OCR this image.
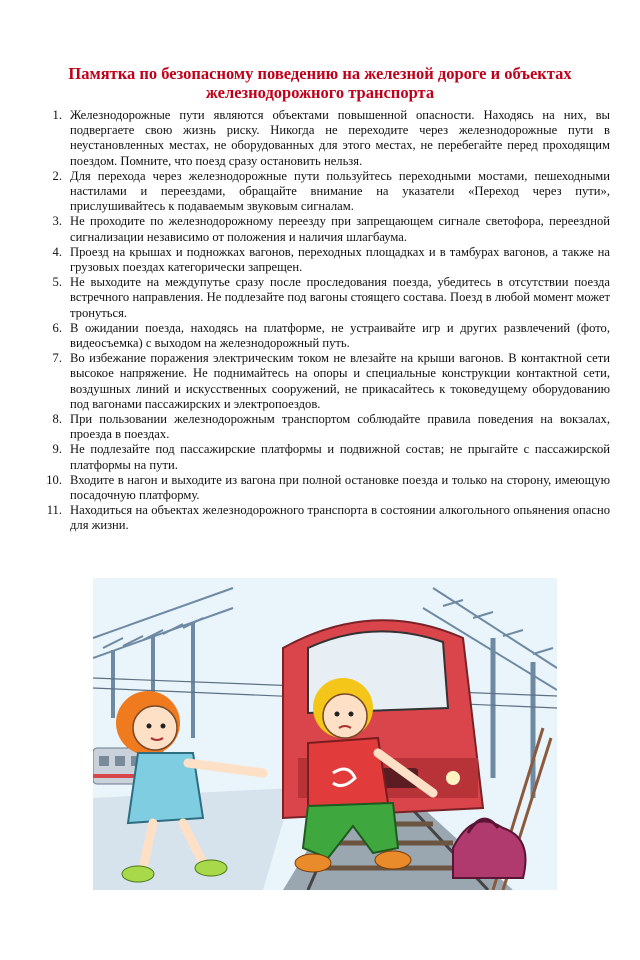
Памятка по безопасному поведению на железной дороге и объектах железнодорожного транспорта
1. Железнодорожные пути являются объектами повышенной опасности. Находясь на них, вы подвергаете свою жизнь риску. Никогда не переходите через железнодорожные пути в неустановленных местах, не оборудованных для этого местах, не перебегайте перед проходящим поездом. Помните, что поезд сразу остановить нельзя.
2. Для перехода через железнодорожные пути пользуйтесь переходными мостами, пешеходными настилами и переездами, обращайте внимание на указатели «Переход через пути», прислушивайтесь к подаваемым звуковым сигналам.
3. Не проходите по железнодорожному переезду при запрещающем сигнале светофора, переездной сигнализации независимо от положения и наличия шлагбаума.
4. Проезд на крышах и подножках вагонов, переходных площадках и в тамбурах вагонов, а также на грузовых поездах категорически запрещен.
5. Не выходите на междупутье сразу после проследования поезда, убедитесь в отсутствии поезда встречного направления. Не подлезайте под вагоны стоящего состава. Поезд в любой момент может тронуться.
6. В ожидании поезда, находясь на платформе, не устраивайте игр и других развлечений (фото, видеосъемка) с выходом на железнодорожный путь.
7. Во избежание поражения электрическим током не влезайте на крыши вагонов. В контактной сети высокое напряжение. Не поднимайтесь на опоры и специальные конструкции контактной сети, воздушных линий и искусственных сооружений, не прикасайтесь к токоведущему оборудованию под вагонами пассажирских и электропоездов.
8. При пользовании железнодорожным транспортом соблюдайте правила поведения на вокзалах, проезда в поездах.
9. Не подлезайте под пассажирские платформы и подвижной состав; не прыгайте с пассажирской платформы на пути.
10. Входите в нагон и выходите из вагона при полной остановке поезда и только на сторону, имеющую посадочную платформу.
11. Находиться на объектах железнодорожного транспорта в состоянии алкогольного опьянения опасно для жизни.
